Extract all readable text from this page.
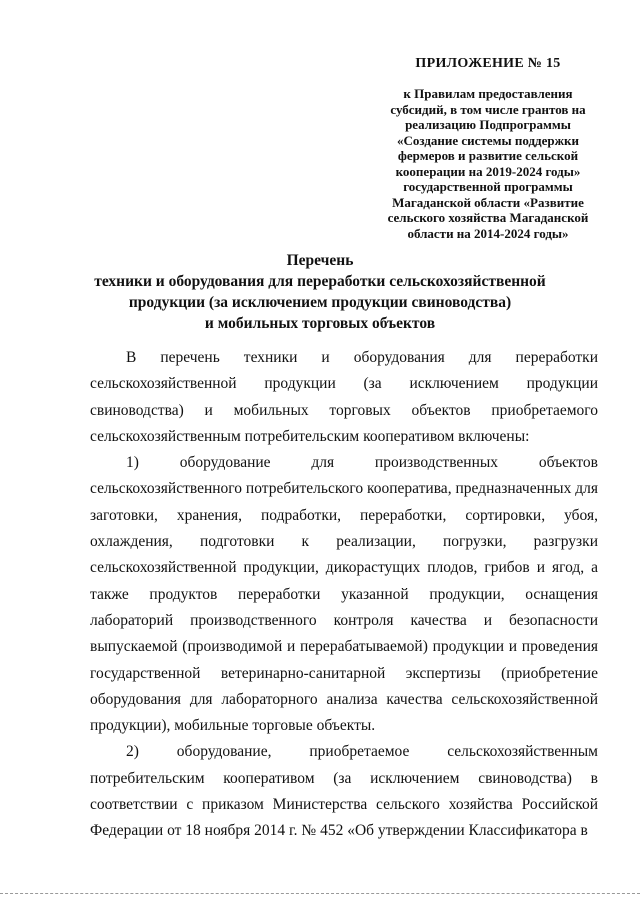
ПРИЛОЖЕНИЕ № 15
к Правилам предоставления
субсидий, в том числе грантов на
реализацию Подпрограммы
«Создание системы поддержки
фермеров и развитие сельской
кооперации на 2019-2024 годы»
государственной программы
Магаданской области «Развитие
сельского хозяйства Магаданской
области на 2014-2024 годы»
Перечень
техники и оборудования для переработки сельскохозяйственной
продукции (за исключением продукции свиноводства)
и мобильных торговых объектов

В перечень техники и оборудования для переработки сельскохозяйственной продукции (за исключением продукции свиноводства) и мобильных торговых объектов приобретаемого сельскохозяйственным потребительским кооперативом включены:

1) оборудование для производственных объектов сельскохозяйственного потребительского кооператива, предназначенных для заготовки, хранения, подработки, переработки, сортировки, убоя, охлаждения, подготовки к реализации, погрузки, разгрузки сельскохозяйственной продукции, дикорастущих плодов, грибов и ягод, а также продуктов переработки указанной продукции, оснащения лабораторий производственного контроля качества и безопасности выпускаемой (производимой и перерабатываемой) продукции и проведения государственной ветеринарно-санитарной экспертизы (приобретение оборудования для лабораторного анализа качества сельскохозяйственной продукции), мобильные торговые объекты.

2) оборудование, приобретаемое сельскохозяйственным потребительским кооперативом (за исключением свиноводства) в соответствии с приказом Министерства сельского хозяйства Российской Федерации от 18 ноября 2014 г. № 452 «Об утверждении Классификатора в
